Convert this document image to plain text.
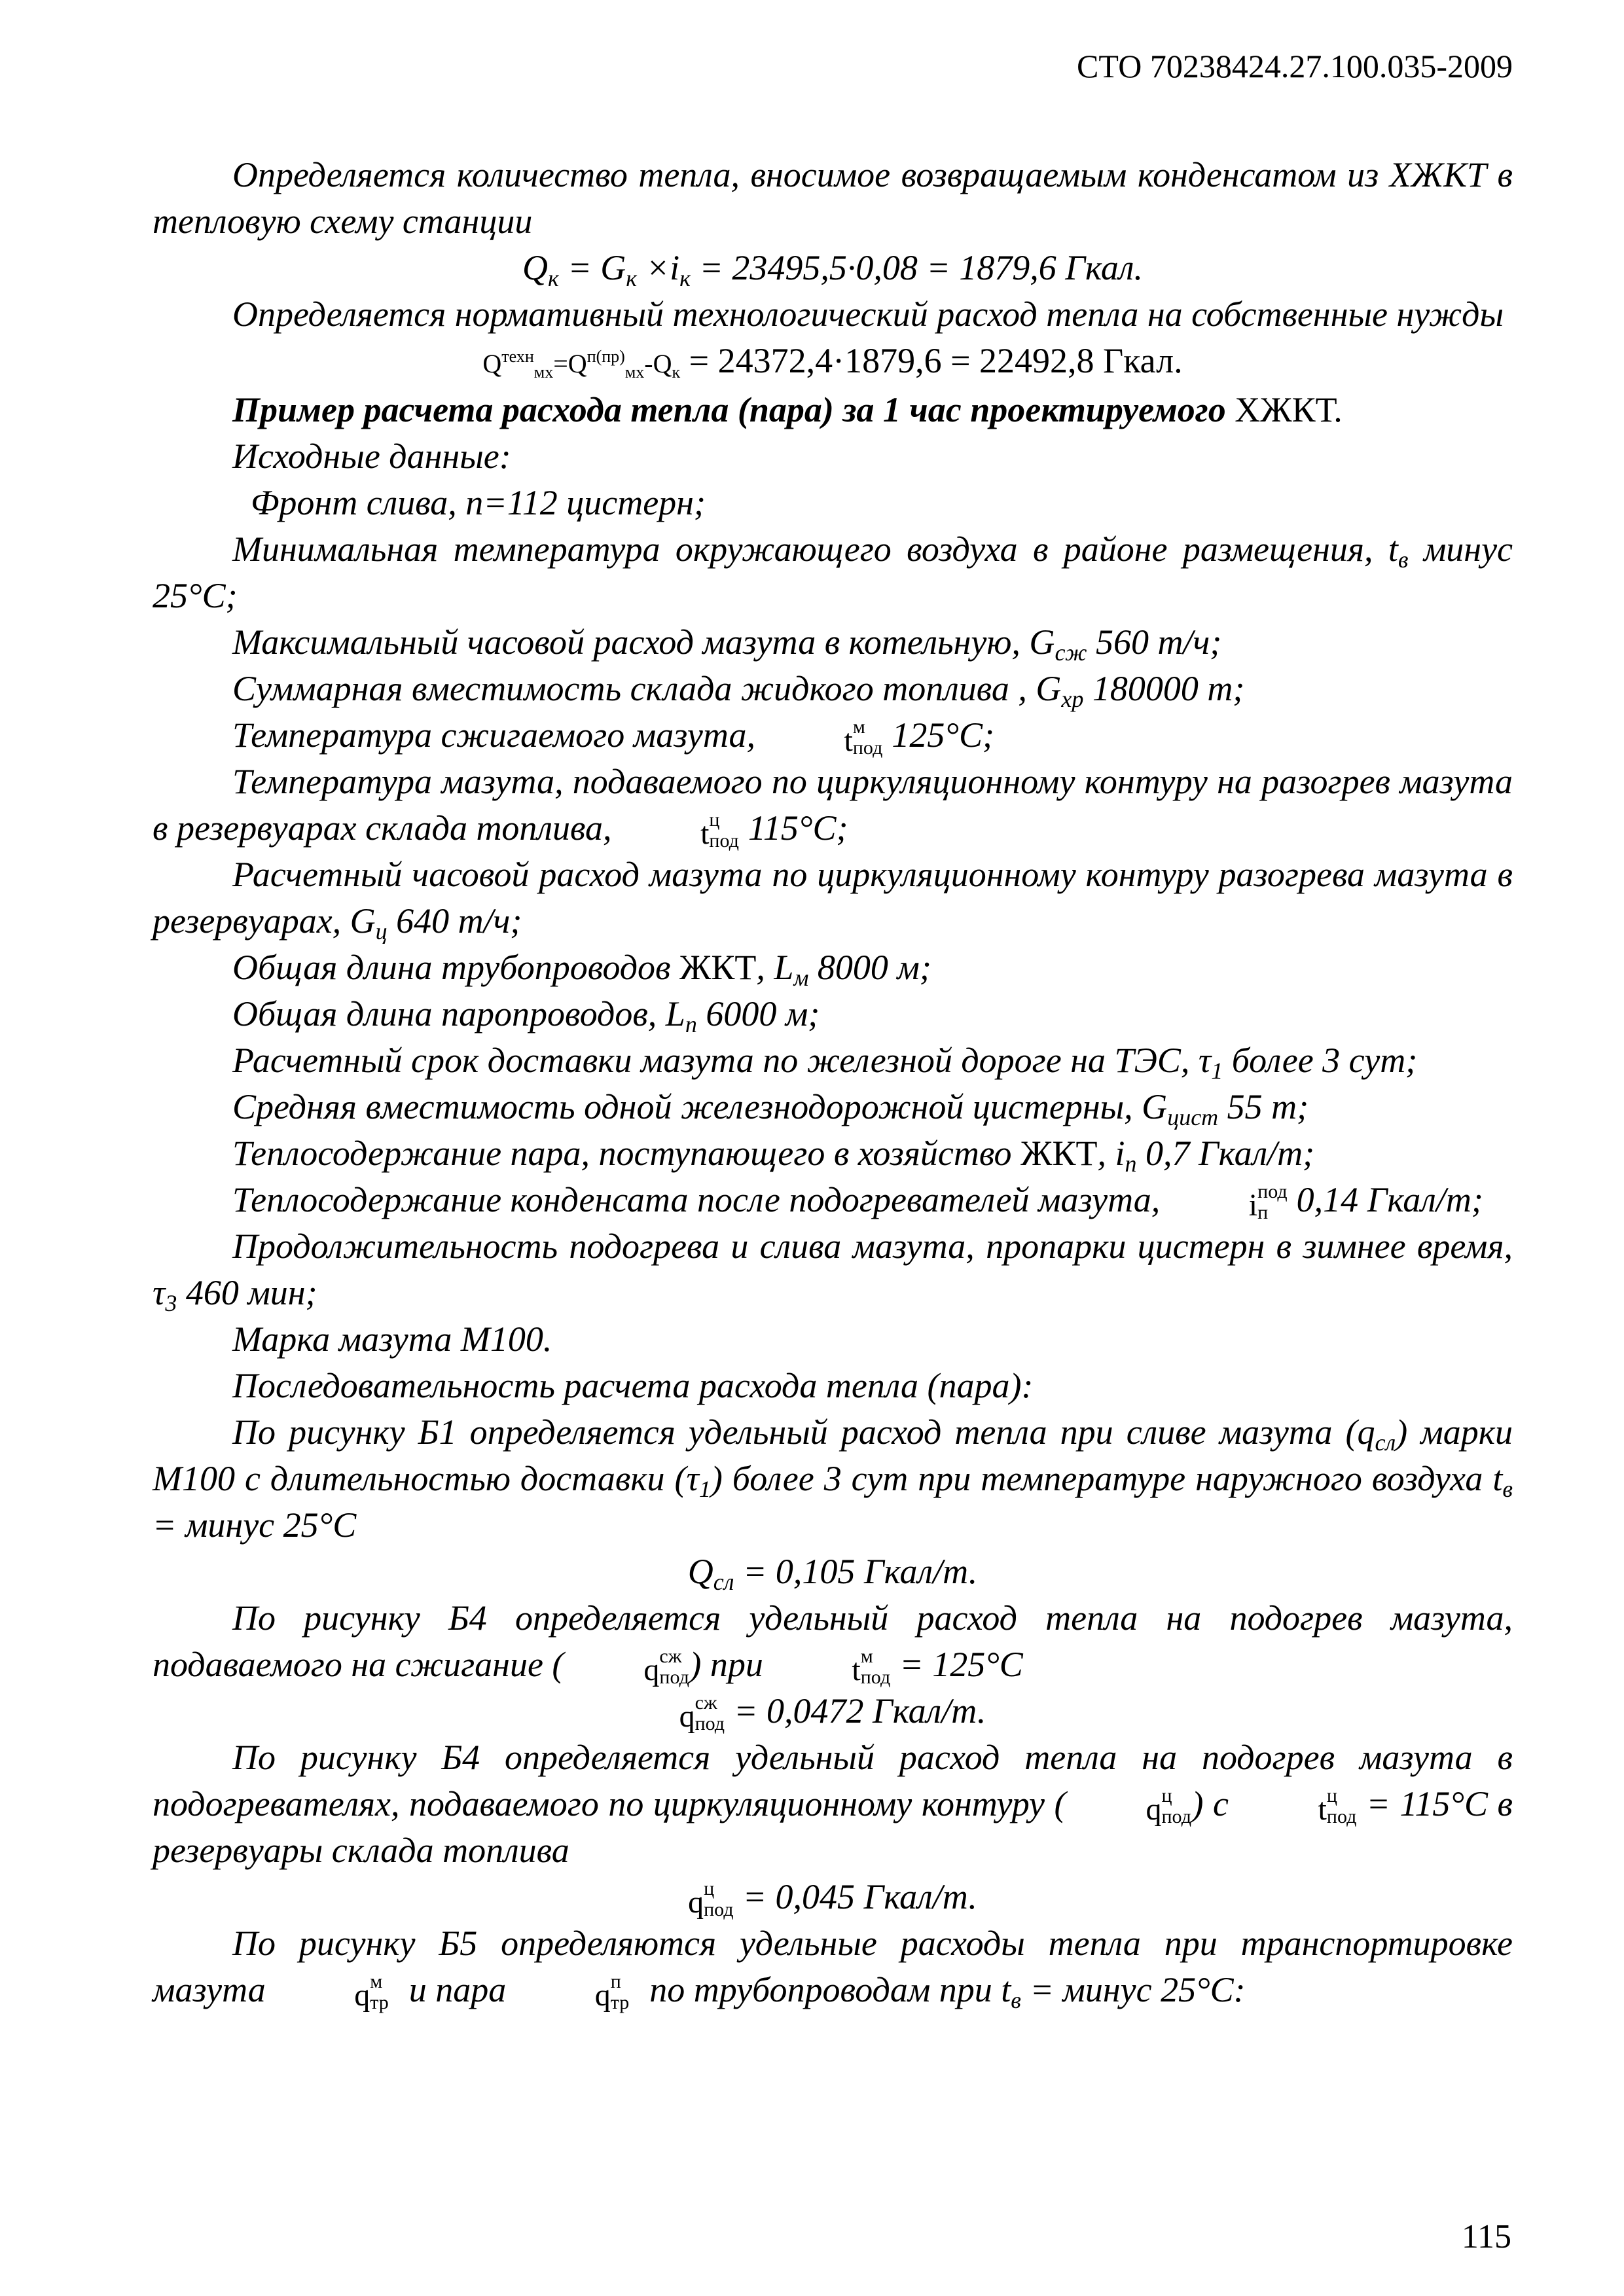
СТО 70238424.27.100.035-2009

Определяется количество тепла, вносимое возвращаемым конденсатом из ХЖКТ в тепловую схему станции

$Q_к = G_к \times i_к = 23495,5\cdot 0,08 = 1879,6$ Гкал.

Определяется нормативный технологический расход тепла на собственные нужды

$Q^{техн}_{мх}=Q^{п(пр)}_{мх}-Q_к = 24372,4\cdot 1879,6 = 22492,8$ Гкал.

Пример расчета расхода тепла (пара) за 1 час проектируемого ХЖКТ.

Исходные данные:

Фронт слива, n=112 цистерн;

Минимальная температура окружающего воздуха в районе размещения, $t_в$ минус 25°С;

Максимальный часовой расход мазута в котельную, $G_{сж}$ 560 т/ч;

Суммарная вместимость склада жидкого топлива , $G_{хр}$ 180000 т;

Температура сжигаемого мазута,	t м
под 125°С;

Температура мазута, подаваемого по циркуляционному контуру на разогрев мазута в резервуарах склада топлива,	t ц
под 115°С;

Расчетный часовой расход мазута по циркуляционному контуру разогрева мазута в резервуарах, $G_ц$ 640 т/ч;

Общая длина трубопроводов ЖКТ, $L_м$ 8000 м;

Общая длина паропроводов, $L_п$ 6000 м;

Расчетный срок доставки мазута по железной дороге на ТЭС, $\tau_1$ более 3 сут;

Средняя вместимость одной железнодорожной цистерны, $G_{цист}$ 55 т;

Теплосодержание пара, поступающего в хозяйство ЖКТ, $i_п$ 0,7 Гкал/т;

Теплосодержание конденсата после подогревателей мазута,	i под
п 0,14 Гкал/т;

Продолжительность подогрева и слива мазута, пропарки цистерн в зимнее время, $\tau_3$ 460 мин;

Марка мазута М100.

Последовательность расчета расхода тепла (пара):

По рисунку Б1 определяется удельный расход тепла при сливе мазута $(q_{сл})$ марки М100 с длительностью доставки $(\tau_1)$ более 3 сут при температуре наружного воздуха $t_в$ = минус 25°С

$Q_{сл} = 0,105$ Гкал/т.

По рисунку Б4 определяется удельный расход тепла на подогрев мазута, подаваемого на сжигание (	q сж
под ) при	t м
под = 125°С

q сж
под = 0,0472 Гкал/т.

По рисунку Б4 определяется удельный расход тепла на подогрев мазута в подогревателях, подаваемого по циркуляционному контуру (	q ц
под ) с	t ц
под = 115°С в резервуары склада топлива

q ц
под = 0,045 Гкал/т.

По рисунку Б5 определяются удельные расходы тепла при транспортировке мазута	q м
тр и пара	q п
тр по трубопроводам при $t_в$ = минус 25°С:

115
